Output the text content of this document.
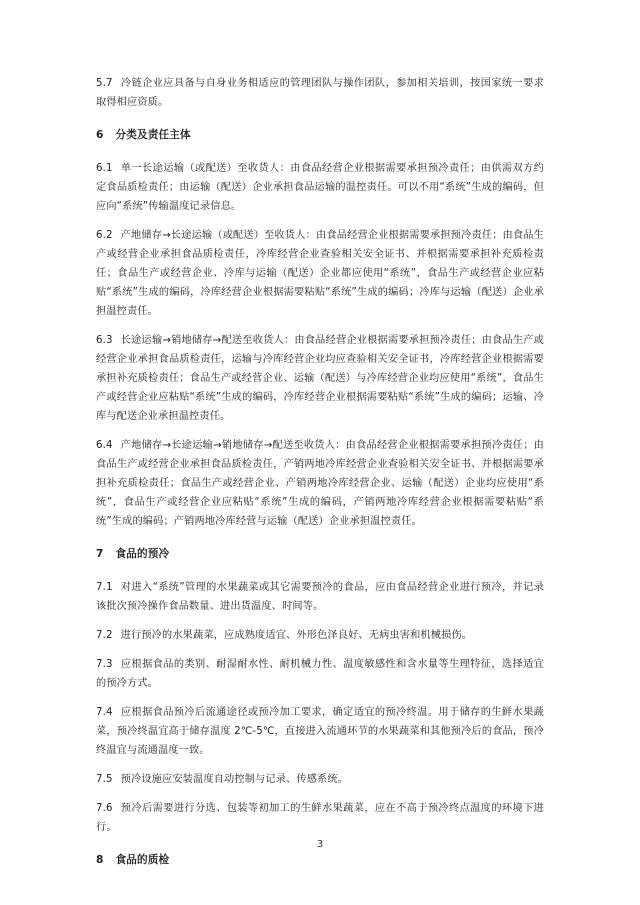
5.7 冷链企业应具备与自身业务相适应的管理团队与操作团队，参加相关培训，按国家统一要求取得相应资质。
6 分类及责任主体
6.1 单一长途运输（或配送）至收货人：由食品经营企业根据需要承担预冷责任；由供需双方约定食品质检责任；由运输（配送）企业承担食品运输的温控责任。可以不用“系统”生成的编码，但应向“系统”传输温度记录信息。
6.2 产地储存→长途运输（或配送）至收货人：由食品经营企业根据需要承担预冷责任；由食品生产或经营企业承担食品质检责任，冷库经营企业查验相关安全证书、并根据需要承担补充质检责任；食品生产或经营企业、冷库与运输（配送）企业都应使用“系统”，食品生产或经营企业应粘贴“系统”生成的编码，冷库经营企业根据需要粘贴“系统”生成的编码；冷库与运输（配送）企业承担温控责任。
6.3 长途运输→销地储存→配送至收货人：由食品经营企业根据需要承担预冷责任；由食品生产或经营企业承担食品质检责任，运输与冷库经营企业均应查验相关安全证书，冷库经营企业根据需要承担补充质检责任；食品生产或经营企业、运输（配送）与冷库经营企业均应使用“系统”，食品生产或经营企业应粘贴“系统”生成的编码，冷库经营企业根据需要粘贴“系统”生成的编码；运输、冷库与配送企业承担温控责任。
6.4 产地储存→长途运输→销地储存→配送至收货人：由食品经营企业根据需要承担预冷责任；由食品生产或经营企业承担食品质检责任，产销两地冷库经营企业查验相关安全证书、并根据需要承担补充质检责任；食品生产或经营企业、产销两地冷库经营企业、运输（配送）企业均应使用“系统”，食品生产或经营企业应粘贴“系统”生成的编码，产销两地冷库经营企业根据需要粘贴“系统”生成的编码；产销两地冷库经营与运输（配送）企业承担温控责任。
7 食品的预冷
7.1 对进入“系统”管理的水果蔬菜或其它需要预冷的食品，应由食品经营企业进行预冷，并记录该批次预冷操作食品数量、进出货温度、时间等。
7.2 进行预冷的水果蔬菜，应成熟度适宜、外形色泽良好、无病虫害和机械损伤。
7.3 应根据食品的类别、耐湿耐水性、耐机械力性、温度敏感性和含水量等生理特征，选择适宜的预冷方式。
7.4 应根据食品预冷后流通途径或预冷加工要求，确定适宜的预冷终温。用于储存的生鲜水果蔬菜，预冷终温宜高于储存温度 2℃-5℃，直接进入流通环节的水果蔬菜和其他预冷后的食品，预冷终温宜与流通温度一致。
7.5 预冷设施应安装温度自动控制与记录、传感系统。
7.6 预冷后需要进行分选、包装等初加工的生鲜水果蔬菜，应在不高于预冷终点温度的环境下进行。
8 食品的质检
3
